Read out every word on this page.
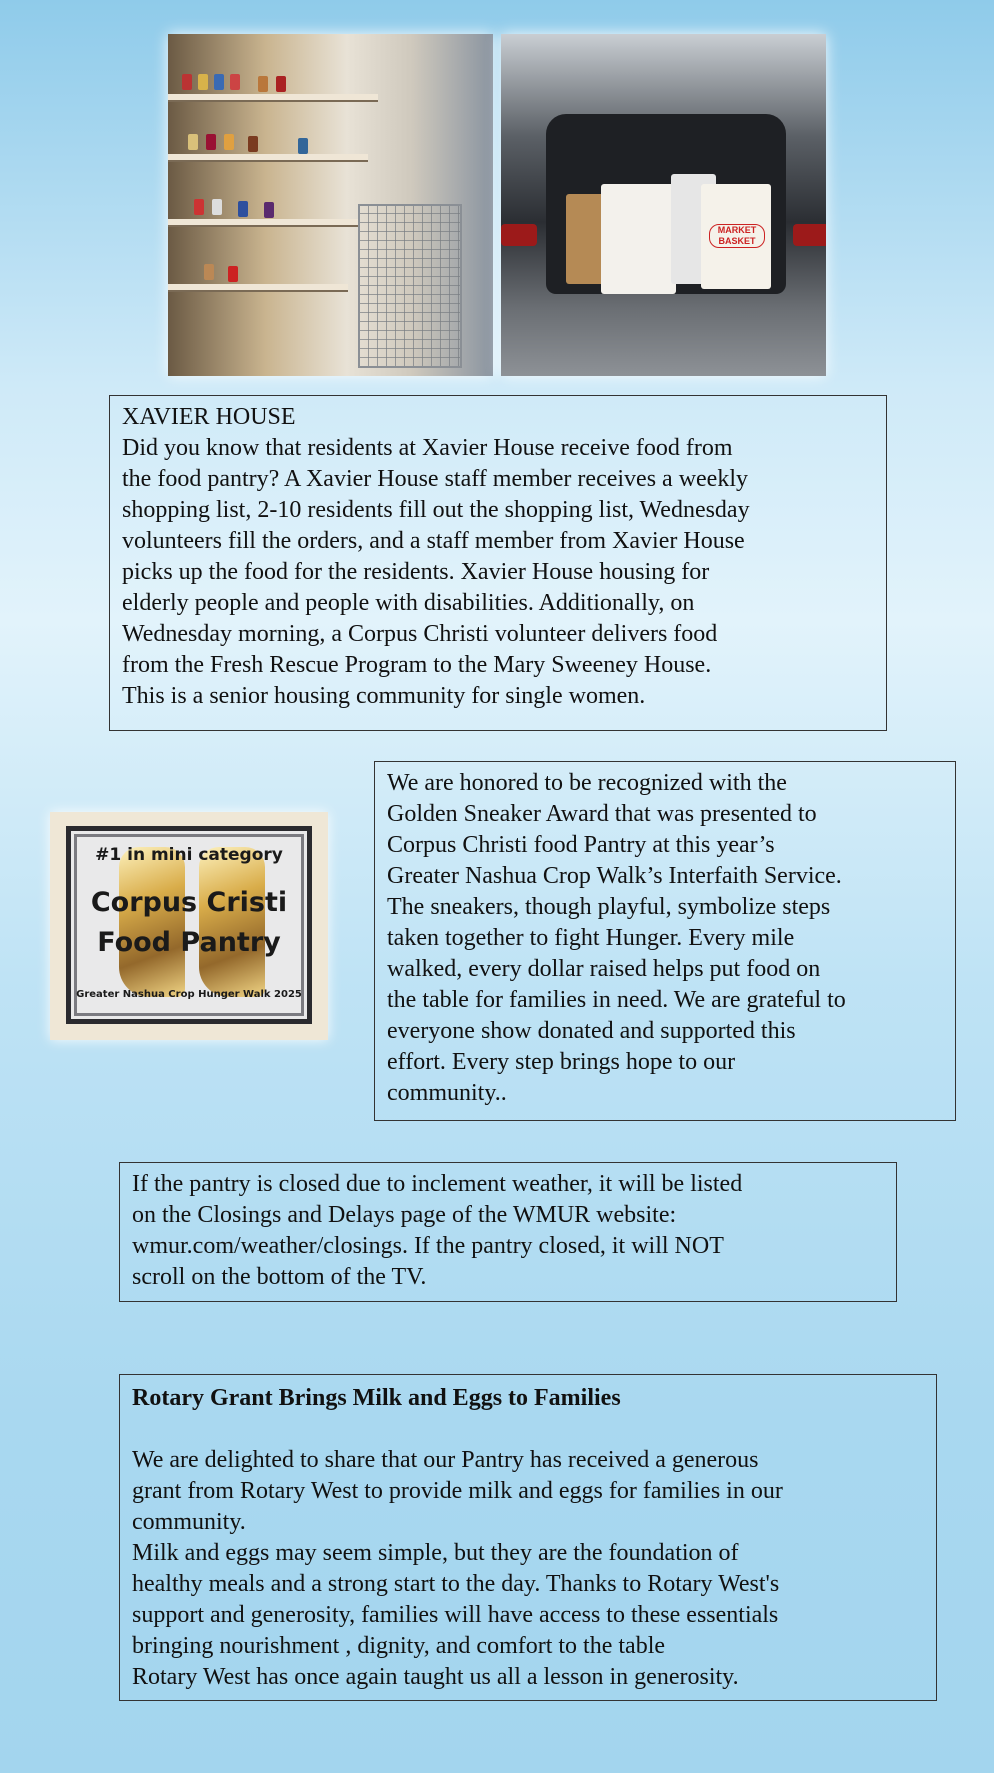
MARKET BASKET

XAVIER HOUSE

Did you know that residents at Xavier House receive food from
the food pantry? A Xavier House staff member receives a weekly
shopping list, 2-10 residents fill out the shopping list, Wednesday
volunteers fill the orders, and a staff member from Xavier House
picks up the food for the residents. Xavier House housing for
elderly people and people with disabilities. Additionally, on
Wednesday morning, a Corpus Christi volunteer delivers food
from the Fresh Rescue Program to the Mary Sweeney House.
This is a senior housing community for single women.

#1 in mini category
Corpus Cristi
Food Pantry
Greater Nashua Crop Hunger Walk 2025

We are honored to be recognized with the
Golden Sneaker Award that was presented to
Corpus Christi food Pantry at this year’s
Greater Nashua Crop Walk’s Interfaith Service.
The sneakers, though playful, symbolize steps
taken together to fight Hunger. Every mile
walked, every dollar raised helps put food on
the table for families in need. We are grateful to
everyone show donated and supported this
effort. Every step brings hope to our
community..

If the pantry is closed due to inclement weather, it will be listed
on the Closings and Delays page of the WMUR website:
wmur.com/weather/closings. If the pantry closed, it will NOT
scroll on the bottom of the TV.

Rotary Grant Brings Milk and Eggs to Families

We are delighted to share that our Pantry has received a generous
grant from Rotary West to provide milk and eggs for families in our
community.
Milk and eggs may seem simple, but they are the foundation of
healthy meals and a strong start to the day. Thanks to Rotary West's
support and generosity, families will have access to these essentials
bringing nourishment , dignity, and comfort to the table
Rotary West has once again taught us all a lesson in generosity.
